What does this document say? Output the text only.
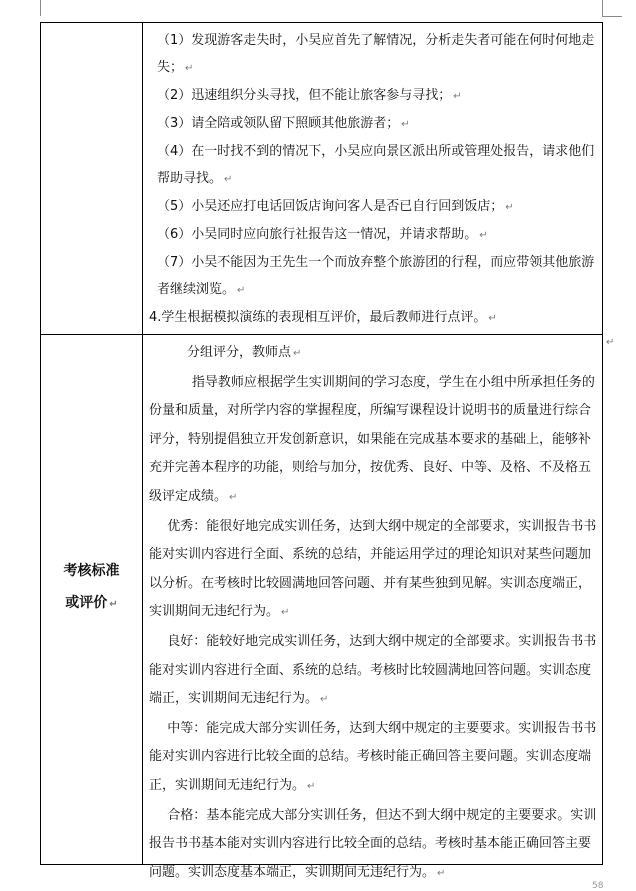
（1）发现游客走失时，小吴应首先了解情况，分析走失者可能在何时何地走失； ↵

（2）迅速组织分头寻找，但不能让旅客参与寻找； ↵

（3）请全陪或领队留下照顾其他旅游者； ↵

（4）在一时找不到的情况下，小吴应向景区派出所或管理处报告，请求他们帮助寻找。 ↵

（5）小吴还应打电话回饭店询问客人是否已自行回到饭店； ↵

（6）小吴同时应向旅行社报告这一情况，并请求帮助。 ↵

（7）小吴不能因为王先生一个而放弃整个旅游团的行程，而应带领其他旅游者继续浏览。 ↵

4.学生根据模拟演练的表现相互评价，最后教师进行点评。 ↵

考核标准
或评价 ↵

分组评分，教师点 ↵

指导教师应根据学生实训期间的学习态度，学生在小组中所承担任务的份量和质量，对所学内容的掌握程度，所编写课程设计说明书的质量进行综合评分，特别提倡独立开发创新意识，如果能在完成基本要求的基础上，能够补充并完善本程序的功能，则给与加分，按优秀、良好、中等、及格、不及格五级评定成绩。 ↵

优秀：能很好地完成实训任务，达到大纲中规定的全部要求，实训报告书书能对实训内容进行全面、系统的总结，并能运用学过的理论知识对某些问题加以分析。在考核时比较圆满地回答问题、并有某些独到见解。实训态度端正，实训期间无违纪行为。 ↵

良好：能较好地完成实训任务，达到大纲中规定的全部要求。实训报告书书能对实训内容进行全面、系统的总结。考核时比较圆满地回答问题。实训态度端正，实训期间无违纪行为。 ↵

中等：能完成大部分实训任务，达到大纲中规定的主要要求。实训报告书书能对实训内容进行比较全面的总结。考核时能正确回答主要问题。实训态度端正，实训期间无违纪行为。 ↵

合格：基本能完成大部分实训任务，但达不到大纲中规定的主要要求。实训报告书书基本能对实训内容进行比较全面的总结。考核时基本能正确回答主要问题。实训态度基本端正，实训期间无违纪行为。 ↵

↵
58
